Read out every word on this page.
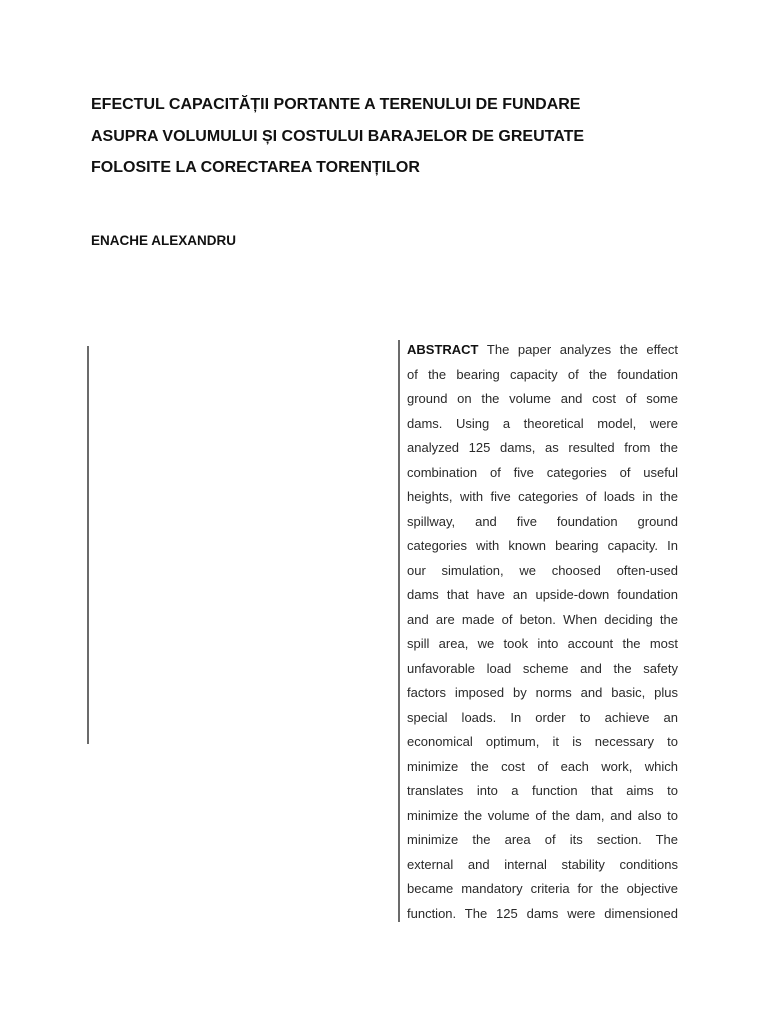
EFECTUL CAPACITĂȚII PORTANTE A TERENULUI DE FUNDARE
ASUPRA VOLUMULUI ȘI COSTULUI BARAJELOR DE GREUTATE
FOLOSITE LA CORECTAREA TORENȚILOR

ENACHE ALEXANDRU

ABSTRACT The paper analyzes the effect
of the bearing capacity of the foundation
ground on the volume and cost of some
dams. Using a theoretical model, were
analyzed 125 dams, as resulted from the
combination of five categories of useful
heights, with five categories of loads in the
spillway, and five foundation ground
categories with known bearing capacity. In
our simulation, we choosed often-used
dams that have an upside-down foundation
and are made of beton. When deciding the
spill area, we took into account the most
unfavorable load scheme and the safety
factors imposed by norms and basic, plus
special loads. In order to achieve an
economical optimum, it is necessary to
minimize the cost of each work, which
translates into a function that aims to
minimize the volume of the dam, and also to
minimize the area of its section. The
external and internal stability conditions
became mandatory criteria for the objective
function. The 125 dams were dimensioned
